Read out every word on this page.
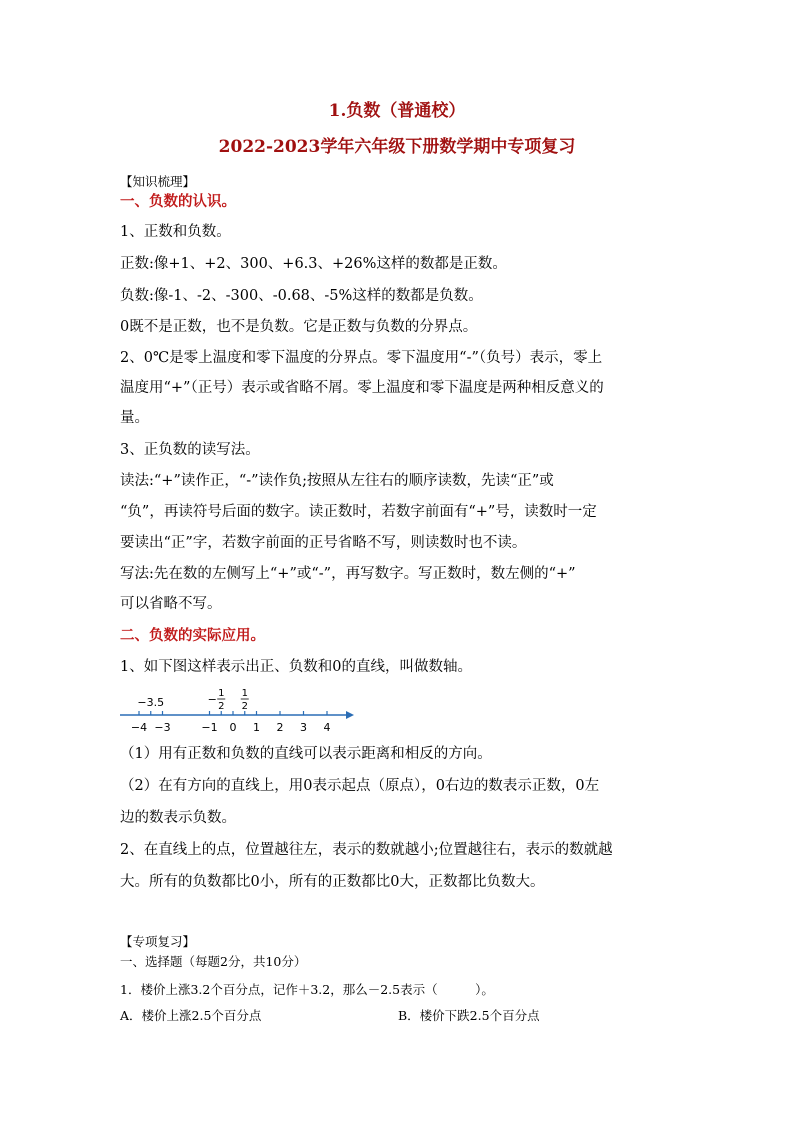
1.负数（普通校）
2022-2023学年六年级下册数学期中专项复习
【知识梳理】
一、负数的认识。
1、正数和负数。
正数:像+1、+2、300、+6.3、+26%这样的数都是正数。
负数:像-1、-2、-300、-0.68、-5%这样的数都是负数。
0既不是正数，也不是负数。它是正数与负数的分界点。
2、0℃是零上温度和零下温度的分界点。零下温度用“-”（负号）表示，零上
温度用“+”（正号）表示或省略不屑。零上温度和零下温度是两种相反意义的
量。
3、正负数的读写法。
读法:“+”读作正，“-”读作负;按照从左往右的顺序读数，先读“正”或
“负”，再读符号后面的数字。读正数时，若数字前面有“+”号，读数时一定
要读出“正”字，若数字前面的正号省略不写，则读数时也不读。
写法:先在数的左侧写上“+”或“-”，再写数字。写正数时，数左侧的“+”
可以省略不写。
二、负数的实际应用。
1、如下图这样表示出正、负数和0的直线，叫做数轴。
−4 −3	−1 0 1 2 3 4
−3.5
1
2
− 1
2
（1）用有正数和负数的直线可以表示距离和相反的方向。
（2）在有方向的直线上，用0表示起点（原点），0右边的数表示正数，0左
边的数表示负数。
2、在直线上的点，位置越往左，表示的数就越小;位置越往右，表示的数就越
大。所有的负数都比0小，所有的正数都比0大，正数都比负数大。
【专项复习】
一、选择题（每题2分，共10分）
1．楼价上涨3.2个百分点，记作＋3.2，那么－2.5表示（　　　）。
A．楼价上涨2.5个百分点	B．楼价下跌2.5个百分点
